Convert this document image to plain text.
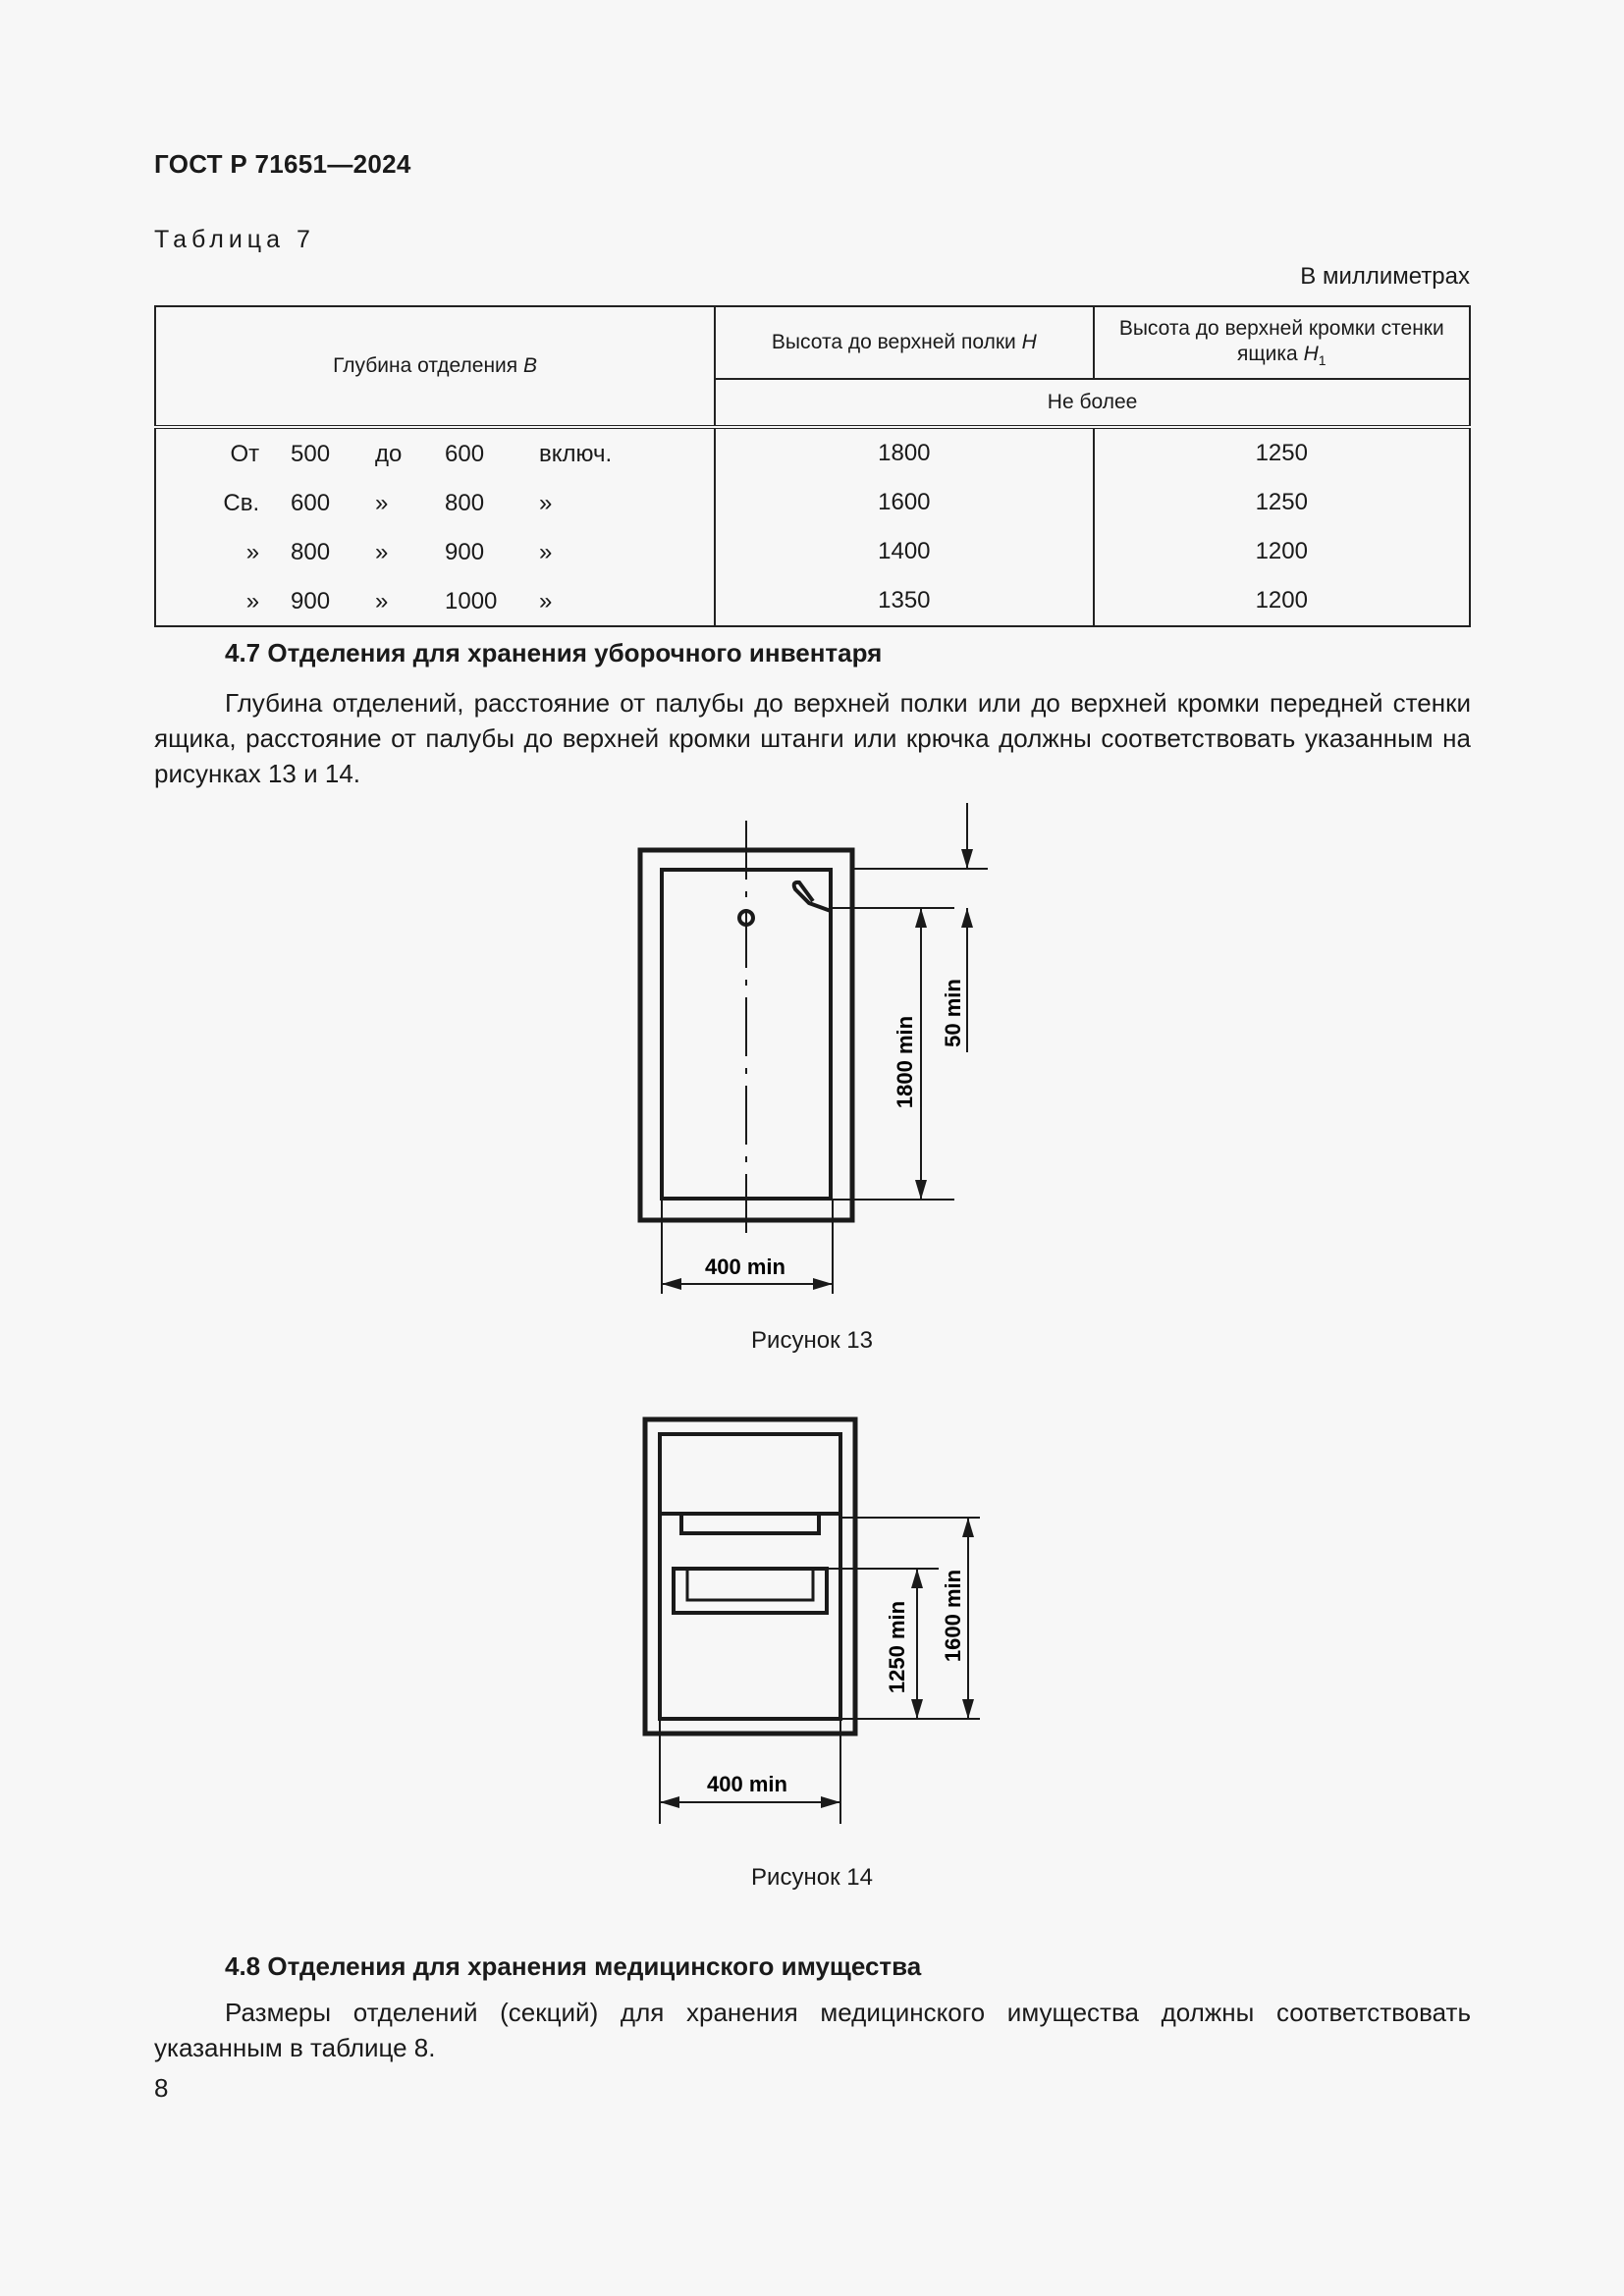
ГОСТ Р 71651—2024
Таблица 7
В миллиметрах
Глубина отделения B	Высота до верхней полки H	Высота до верхней кромки стенки ящика $H_1$
	Не более	

От 500 до 600 включ.	1800	1250

Св. 600 » 800 »	1600	1250

» 800 » 900 »	1400	1200

» 900 » 1000 »	1350	1200
4.7 Отделения для хранения уборочного инвентаря
Глубина отделений, расстояние от палубы до верхней полки или до верхней кромки передней стенки ящика, расстояние от палубы до верхней кромки штанги или крючка должны соответствовать указанным на рисунках 13 и 14.
1800 min
50 min
400 min
1250 min 1600 min
400 min
Рисунок 13
Рисунок 14
4.8 Отделения для хранения медицинского имущества
Размеры отделений (секций) для хранения медицинского имущества должны соответствовать указанным в таблице 8.
8
